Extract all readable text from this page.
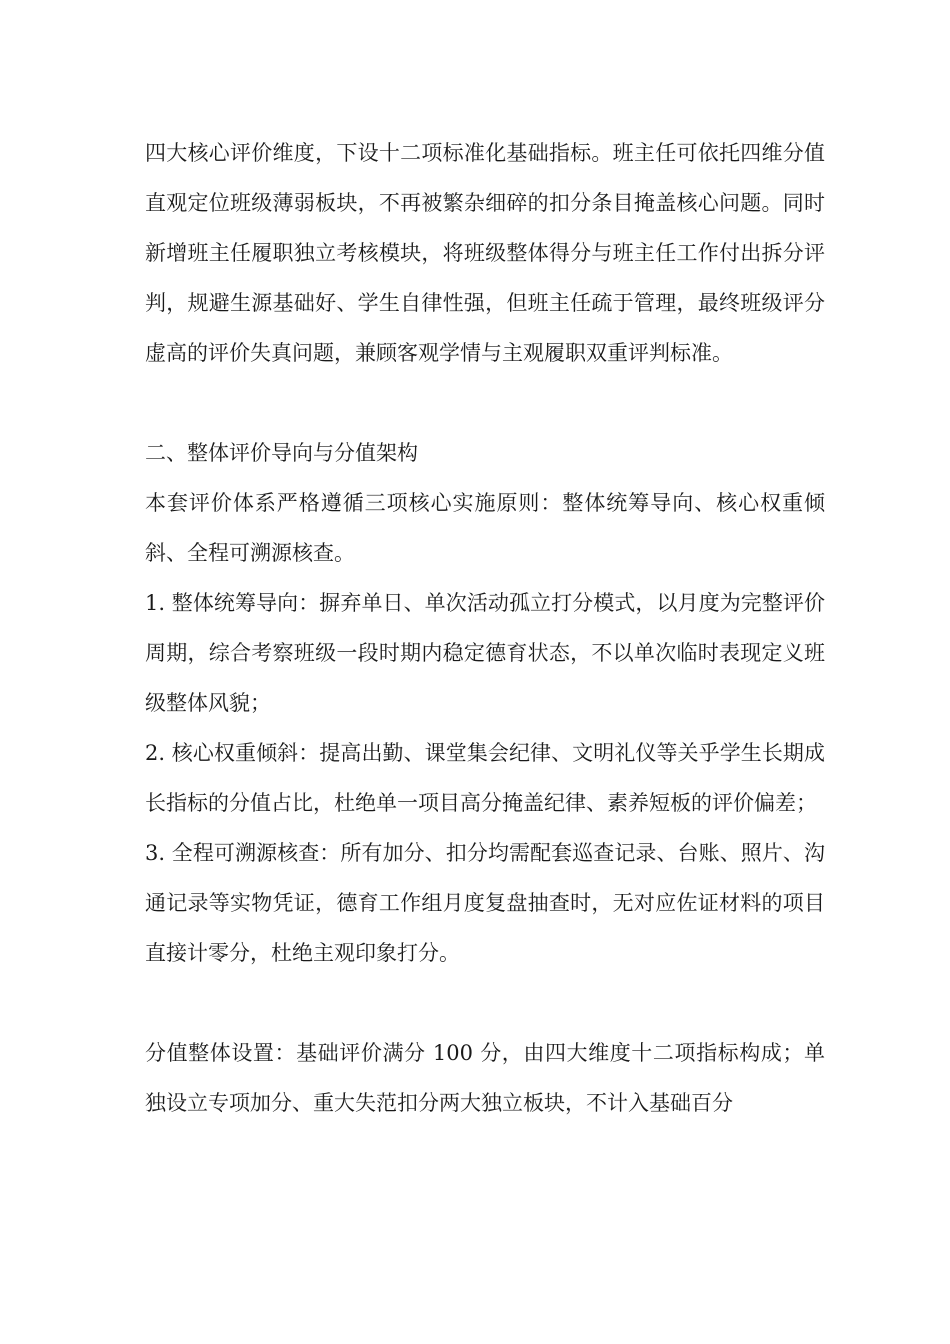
四大核心评价维度，下设十二项标准化基础指标。班主任可依托四维分值直观定位班级薄弱板块，不再被繁杂细碎的扣分条目掩盖核心问题。同时新增班主任履职独立考核模块，将班级整体得分与班主任工作付出拆分评判，规避生源基础好、学生自律性强，但班主任疏于管理，最终班级评分虚高的评价失真问题，兼顾客观学情与主观履职双重评判标准。

二、整体评价导向与分值架构

本套评价体系严格遵循三项核心实施原则：整体统筹导向、核心权重倾斜、全程可溯源核查。

1. 整体统筹导向：摒弃单日、单次活动孤立打分模式，以月度为完整评价周期，综合考察班级一段时期内稳定德育状态，不以单次临时表现定义班级整体风貌；

2. 核心权重倾斜：提高出勤、课堂集会纪律、文明礼仪等关乎学生长期成长指标的分值占比，杜绝单一项目高分掩盖纪律、素养短板的评价偏差；

3. 全程可溯源核查：所有加分、扣分均需配套巡查记录、台账、照片、沟通记录等实物凭证，德育工作组月度复盘抽查时，无对应佐证材料的项目直接计零分，杜绝主观印象打分。

分值整体设置：基础评价满分 100 分，由四大维度十二项指标构成；单独设立专项加分、重大失范扣分两大独立板块，不计入基础百分
